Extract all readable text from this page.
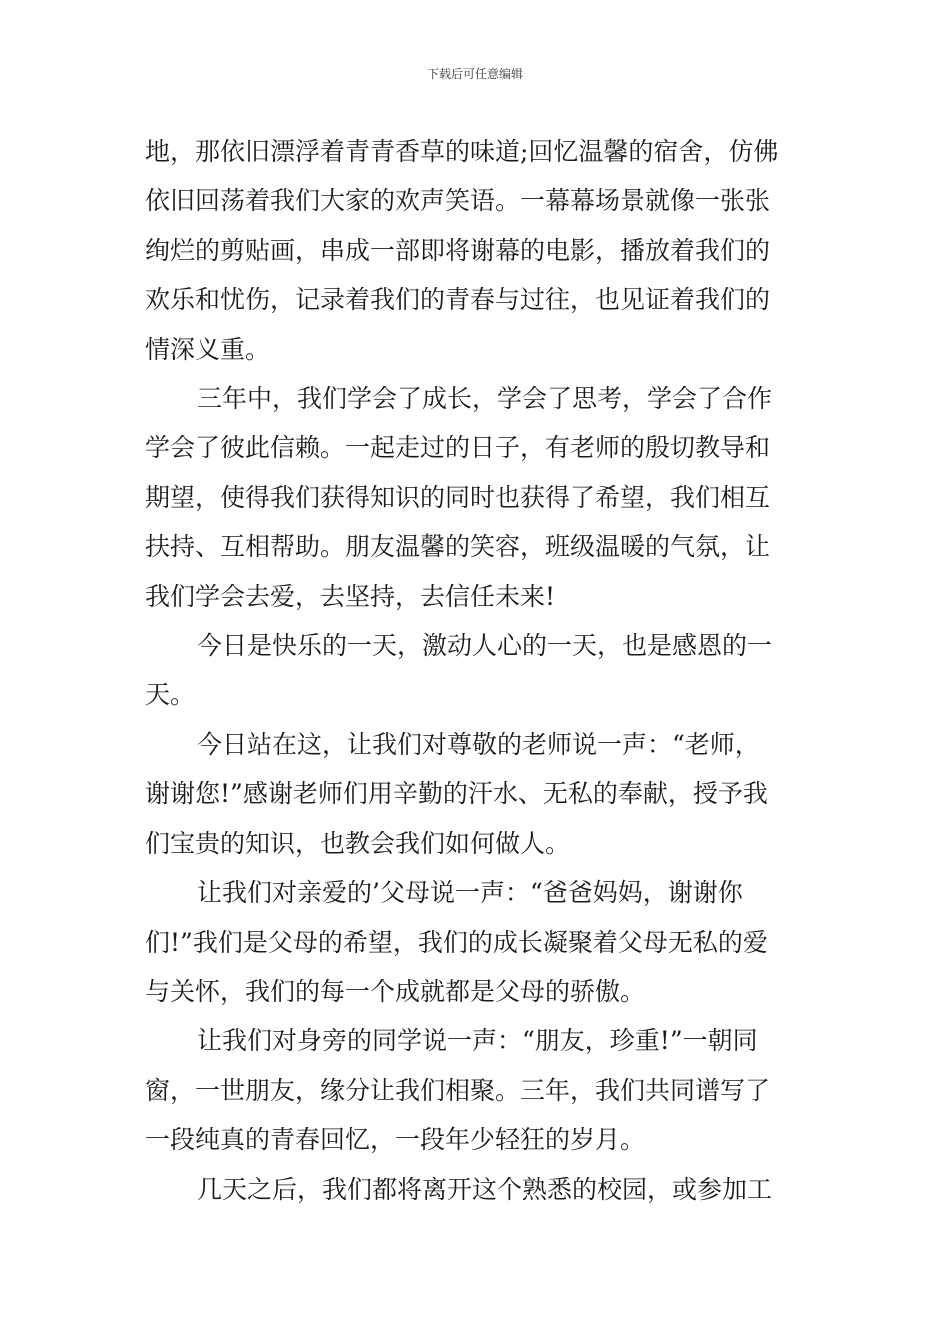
下载后可任意编辑

地，那依旧漂浮着青青香草的味道;回忆温馨的宿舍，仿佛
依旧回荡着我们大家的欢声笑语。一幕幕场景就像一张张
绚烂的剪贴画，串成一部即将谢幕的电影，播放着我们的
欢乐和忧伤，记录着我们的青春与过往，也见证着我们的
情深义重。

三年中，我们学会了成长，学会了思考，学会了合作
学会了彼此信赖。一起走过的日子，有老师的殷切教导和
期望，使得我们获得知识的同时也获得了希望，我们相互
扶持、互相帮助。朋友温馨的笑容，班级温暖的气氛，让
我们学会去爱，去坚持，去信任未来!

今日是快乐的一天，激动人心的一天，也是感恩的一
天。

今日站在这，让我们对尊敬的老师说一声：“老师，
谢谢您!”感谢老师们用辛勤的汗水、无私的奉献，授予我
们宝贵的知识，也教会我们如何做人。

让我们对亲爱的’父母说一声：“爸爸妈妈，谢谢你
们!”我们是父母的希望，我们的成长凝聚着父母无私的爱
与关怀，我们的每一个成就都是父母的骄傲。

让我们对身旁的同学说一声：“朋友，珍重!”一朝同
窗，一世朋友，缘分让我们相聚。三年，我们共同谱写了
一段纯真的青春回忆，一段年少轻狂的岁月。

几天之后，我们都将离开这个熟悉的校园，或参加工
